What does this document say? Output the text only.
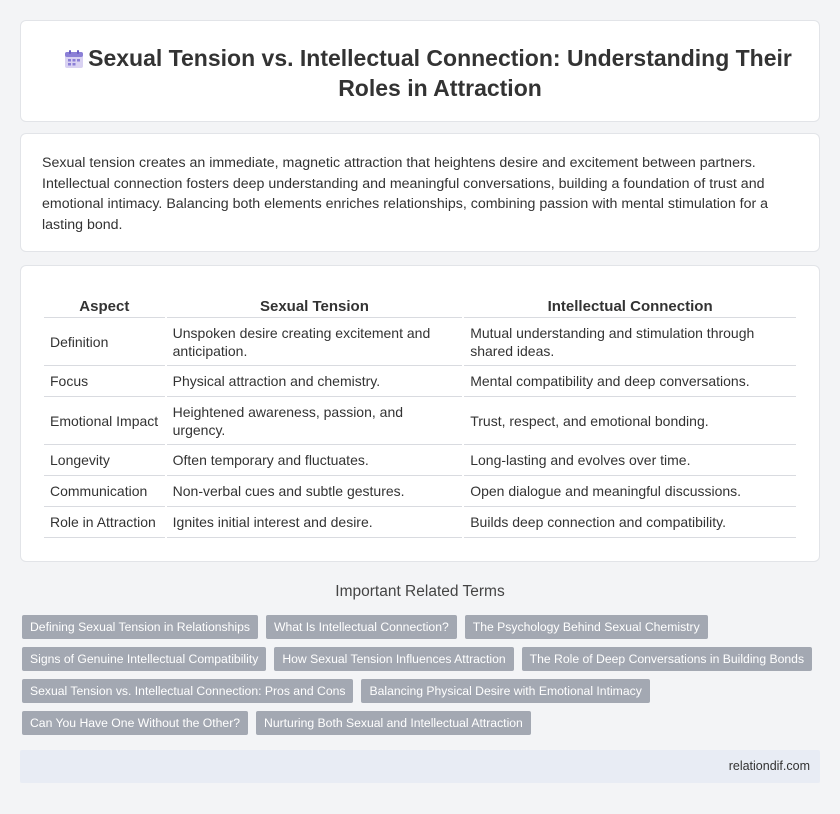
Sexual Tension vs. Intellectual Connection: Understanding Their Roles in Attraction

Sexual tension creates an immediate, magnetic attraction that heightens desire and excitement between partners. Intellectual connection fosters deep understanding and meaningful conversations, building a foundation of trust and emotional intimacy. Balancing both elements enriches relationships, combining passion with mental stimulation for a lasting bond.

Aspect	Sexual Tension	Intellectual Connection
Definition	Unspoken desire creating excitement and anticipation.	Mutual understanding and stimulation through shared ideas.
Focus	Physical attraction and chemistry.	Mental compatibility and deep conversations.
Emotional Impact	Heightened awareness, passion, and urgency.	Trust, respect, and emotional bonding.
Longevity	Often temporary and fluctuates.	Long-lasting and evolves over time.
Communication	Non-verbal cues and subtle gestures.	Open dialogue and meaningful discussions.
Role in Attraction	Ignites initial interest and desire.	Builds deep connection and compatibility.
Important Related Terms
Defining Sexual Tension in Relationships	What Is Intellectual Connection?	The Psychology Behind Sexual Chemistry
Signs of Genuine Intellectual Compatibility	How Sexual Tension Influences Attraction	The Role of Deep Conversations in Building Bonds
Sexual Tension vs. Intellectual Connection: Pros and Cons	Balancing Physical Desire with Emotional Intimacy
Can You Have One Without the Other?	Nurturing Both Sexual and Intellectual Attraction
relationdif.com
